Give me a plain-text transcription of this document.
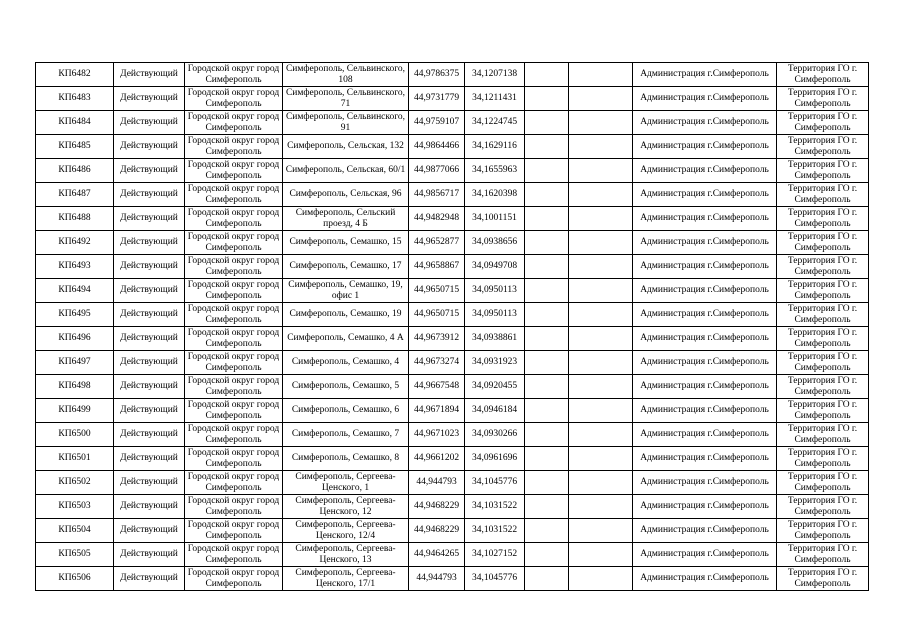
КП6482	Действующий	Городской округ город Симферополь	Симферополь, Сельвинского, 108	44,9786375	34,1207138			Администрация г.Симферополь	Территория ГО г. Симферополь
КП6483	Действующий	Городской округ город Симферополь	Симферополь, Сельвинского, 71	44,9731779	34,1211431			Администрация г.Симферополь	Территория ГО г. Симферополь
КП6484	Действующий	Городской округ город Симферополь	Симферополь, Сельвинского, 91	44,9759107	34,1224745			Администрация г.Симферополь	Территория ГО г. Симферополь
КП6485	Действующий	Городской округ город Симферополь	Симферополь, Сельская, 132	44,9864466	34,1629116			Администрация г.Симферополь	Территория ГО г. Симферополь
КП6486	Действующий	Городской округ город Симферополь	Симферополь, Сельская, 60/1	44,9877066	34,1655963			Администрация г.Симферополь	Территория ГО г. Симферополь
КП6487	Действующий	Городской округ город Симферополь	Симферополь, Сельская, 96	44,9856717	34,1620398			Администрация г.Симферополь	Территория ГО г. Симферополь
КП6488	Действующий	Городской округ город Симферополь	Симферополь, Сельский проезд, 4 Б	44,9482948	34,1001151			Администрация г.Симферополь	Территория ГО г. Симферополь
КП6492	Действующий	Городской округ город Симферополь	Симферополь, Семашко, 15	44,9652877	34,0938656			Администрация г.Симферополь	Территория ГО г. Симферополь
КП6493	Действующий	Городской округ город Симферополь	Симферополь, Семашко, 17	44,9658867	34,0949708			Администрация г.Симферополь	Территория ГО г. Симферополь
КП6494	Действующий	Городской округ город Симферополь	Симферополь, Семашко, 19, офис 1	44,9650715	34,0950113			Администрация г.Симферополь	Территория ГО г. Симферополь
КП6495	Действующий	Городской округ город Симферополь	Симферополь, Семашко, 19	44,9650715	34,0950113			Администрация г.Симферополь	Территория ГО г. Симферополь
КП6496	Действующий	Городской округ город Симферополь	Симферополь, Семашко, 4 А	44,9673912	34,0938861			Администрация г.Симферополь	Территория ГО г. Симферополь
КП6497	Действующий	Городской округ город Симферополь	Симферополь, Семашко, 4	44,9673274	34,0931923			Администрация г.Симферополь	Территория ГО г. Симферополь
КП6498	Действующий	Городской округ город Симферополь	Симферополь, Семашко, 5	44,9667548	34,0920455			Администрация г.Симферополь	Территория ГО г. Симферополь
КП6499	Действующий	Городской округ город Симферополь	Симферополь, Семашко, 6	44,9671894	34,0946184			Администрация г.Симферополь	Территория ГО г. Симферополь
КП6500	Действующий	Городской округ город Симферополь	Симферополь, Семашко, 7	44,9671023	34,0930266			Администрация г.Симферополь	Территория ГО г. Симферополь
КП6501	Действующий	Городской округ город Симферополь	Симферополь, Семашко, 8	44,9661202	34,0961696			Администрация г.Симферополь	Территория ГО г. Симферополь
КП6502	Действующий	Городской округ город Симферополь	Симферополь, Сергеева-Ценского, 1	44,944793	34,1045776			Администрация г.Симферополь	Территория ГО г. Симферополь
КП6503	Действующий	Городской округ город Симферополь	Симферополь, Сергеева-Ценского, 12	44,9468229	34,1031522			Администрация г.Симферополь	Территория ГО г. Симферополь
КП6504	Действующий	Городской округ город Симферополь	Симферополь, Сергеева-Ценского, 12/4	44,9468229	34,1031522			Администрация г.Симферополь	Территория ГО г. Симферополь
КП6505	Действующий	Городской округ город Симферополь	Симферополь, Сергеева-Ценского, 13	44,9464265	34,1027152			Администрация г.Симферополь	Территория ГО г. Симферополь
КП6506	Действующий	Городской округ город Симферополь	Симферополь, Сергеева-Ценского, 17/1	44,944793	34,1045776			Администрация г.Симферополь	Территория ГО г. Симферополь
